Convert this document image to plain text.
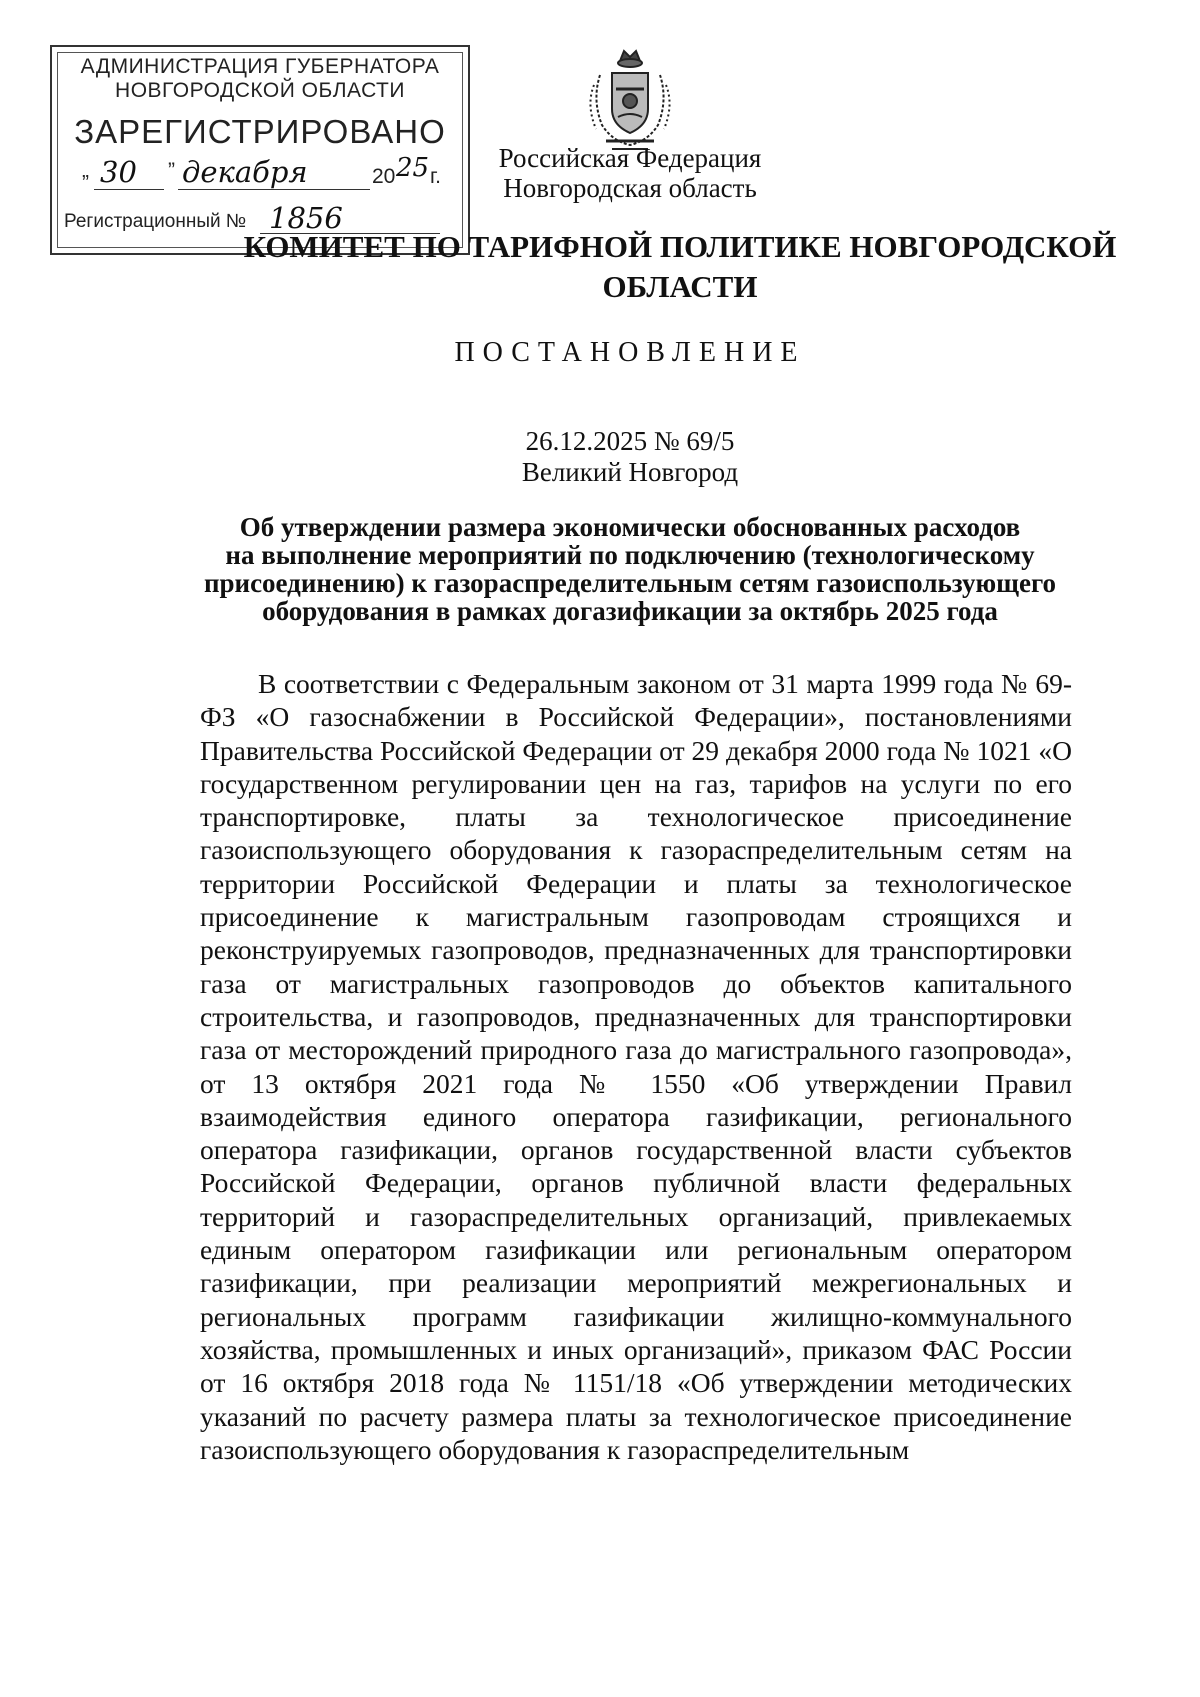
АДМИНИСТРАЦИЯ ГУБЕРНАТОРА
НОВГОРОДСКОЙ ОБЛАСТИ
ЗАРЕГИСТРИРОВАНО
„ 30 ” декабря	20 25 г.
Регистрационный № 1856
Российская Федерация
Новгородская область
КОМИТЕТ ПО ТАРИФНОЙ ПОЛИТИКЕ НОВГОРОДСКОЙ
ОБЛАСТИ
ПОСТАНОВЛЕНИЕ
26.12.2025 № 69/5
Великий Новгород
Об утверждении размера экономически обоснованных расходов
на выполнение мероприятий по подключению (технологическому
присоединению) к газораспределительным сетям газоиспользующего
оборудования в рамках догазификации за октябрь 2025 года

В соответствии с Федеральным законом от 31 марта 1999 года № 69-ФЗ «О газоснабжении в Российской Федерации», постановлениями Правительства Российской Федерации от 29 декабря 2000 года № 1021 «О государственном регулировании цен на газ, тарифов на услуги по его транспортировке, платы за технологическое присоединение газоиспользующего оборудования к газораспределительным сетям на территории Российской Федерации и платы за технологическое присоединение к магистральным газопроводам строящихся и реконструируемых газопроводов, предназначенных для транспортировки газа от магистральных газопроводов до объектов капитального строительства, и газопроводов, предназначенных для транспортировки газа от месторождений природного газа до магистрального газопровода», от 13 октября 2021 года № 1550 «Об утверждении Правил взаимодействия единого оператора газификации, регионального оператора газификации, органов государственной власти субъектов Российской Федерации, органов публичной власти федеральных территорий и газораспределительных организаций, привлекаемых единым оператором газификации или региональным оператором газификации, при реализации мероприятий межрегиональных и региональных программ газификации жилищно-коммунального хозяйства, промышленных и иных организаций», приказом ФАС России от 16 октября 2018 года № 1151/18 «Об утверждении методических указаний по расчету размера платы за технологическое присоединение газоиспользующего оборудования к газораспределительным
